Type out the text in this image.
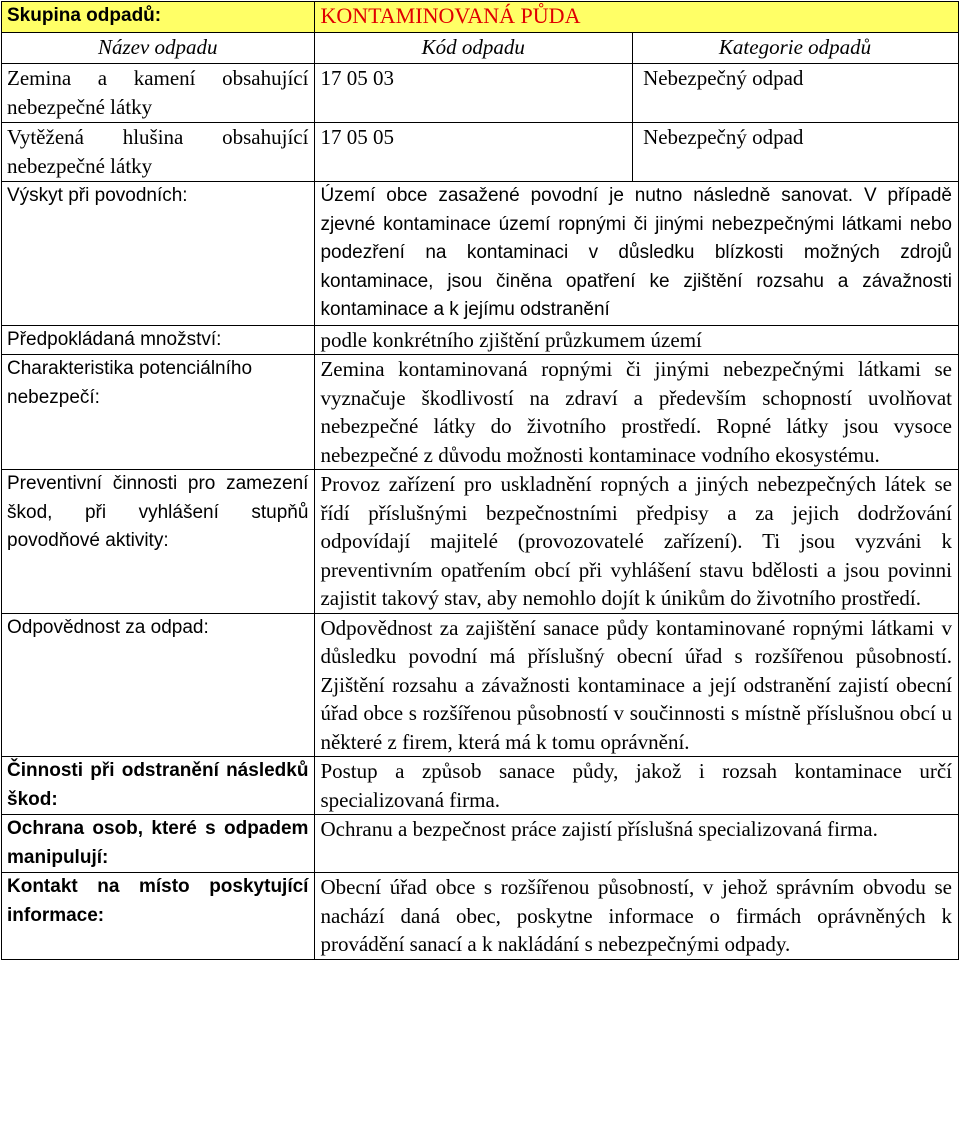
Skupina odpadů:	KONTAMINOVANÁ PŮDA	
Název odpadu	Kód odpadu	Kategorie odpadů
Zemina a kamení obsahující nebezpečné látky	17 05 03	Nebezpečný odpad
Vytěžená hlušina obsahující nebezpečné látky	17 05 05	Nebezpečný odpad
Výskyt při povodních:	Území obce zasažené povodní je nutno následně sanovat. V případě zjevné kontaminace území ropnými či jinými nebezpečnými látkami nebo podezření na kontaminaci v důsledku blízkosti možných zdrojů kontaminace, jsou činěna opatření ke zjištění rozsahu a závažnosti kontaminace a k jejímu odstranění	
Předpokládaná množství:	podle konkrétního zjištění průzkumem území	
Charakteristika potenciálního nebezpečí:	Zemina kontaminovaná ropnými či jinými nebezpečnými látkami se vyznačuje škodlivostí na zdraví a především schopností uvolňovat nebezpečné látky do životního prostředí. Ropné látky jsou vysoce nebezpečné z důvodu možnosti kontaminace vodního ekosystému.	
Preventivní činnosti pro zamezení škod, při vyhlášení stupňů povodňové aktivity:	Provoz zařízení pro uskladnění ropných a jiných nebezpečných látek se řídí příslušnými bezpečnostními předpisy a za jejich dodržování odpovídají majitelé (provozovatelé zařízení). Ti jsou vyzváni k preventivním opatřením obcí při vyhlášení stavu bdělosti a jsou povinni zajistit takový stav, aby nemohlo dojít k únikům do životního prostředí.	
Odpovědnost za odpad:	Odpovědnost za zajištění sanace půdy kontaminované ropnými látkami v důsledku povodní má příslušný obecní úřad s rozšířenou působností. Zjištění rozsahu a závažnosti kontaminace a její odstranění zajistí obecní úřad obce s rozšířenou působností v součinnosti s místně příslušnou obcí u některé z firem, která má k tomu oprávnění.	
Činnosti při odstranění následků škod:	Postup a způsob sanace půdy, jakož i rozsah kontaminace určí specializovaná firma.	
Ochrana osob, které s odpadem manipulují:	Ochranu a bezpečnost práce zajistí příslušná specializovaná firma.	
Kontakt na místo poskytující informace:	Obecní úřad obce s rozšířenou působností, v jehož správním obvodu se nachází daná obec, poskytne informace o firmách oprávněných k provádění sanací a k nakládání s nebezpečnými odpady.	
